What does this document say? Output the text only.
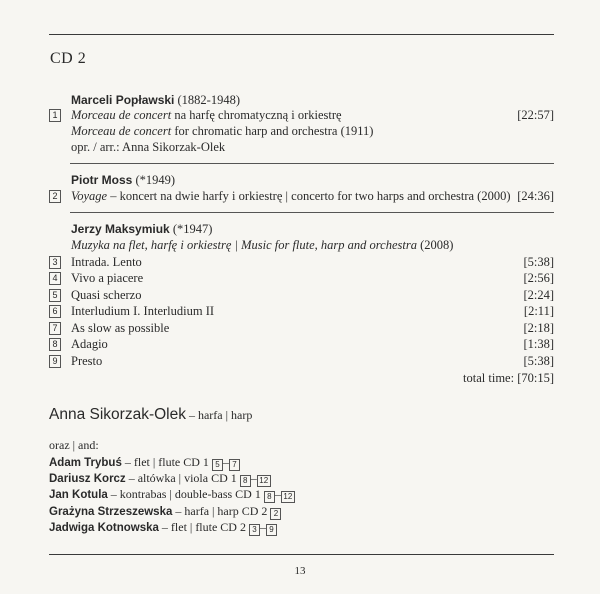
CD 2
Marceli Popławski (1882-1948)
1 Morceau de concert na harfę chromatyczną i orkiestrę	[22:57]
Morceau de concert for chromatic harp and orchestra (1911)
opr. / arr.: Anna Sikorzak-Olek
Piotr Moss (*1949)
2 Voyage – koncert na dwie harfy i orkiestrę | concerto for two harps and orchestra (2000) [24:36]
Jerzy Maksymiuk (*1947)
Muzyka na flet, harfę i orkiestrę | Music for flute, harp and orchestra (2008)
3 Intrada. Lento	[5:38]
4 Vivo a piacere	[2:56]
5 Quasi scherzo	[2:24]
6 Interludium I. Interludium II	[2:11]
7 As slow as possible	[2:18]
8 Adagio	[1:38]
9 Presto	[5:38]
total time: [70:15]
Anna Sikorzak-Olek – harfa | harp
oraz | and:
Adam Trybuś – flet | flute CD 1 5 – 7
Dariusz Korcz – altówka | viola CD 1 8 – 12
Jan Kotula – kontrabas | double-bass CD 1 8 – 12
Grażyna Strzeszewska – harfa | harp CD 2 2
Jadwiga Kotnowska – flet | flute CD 2 3 – 9
13
